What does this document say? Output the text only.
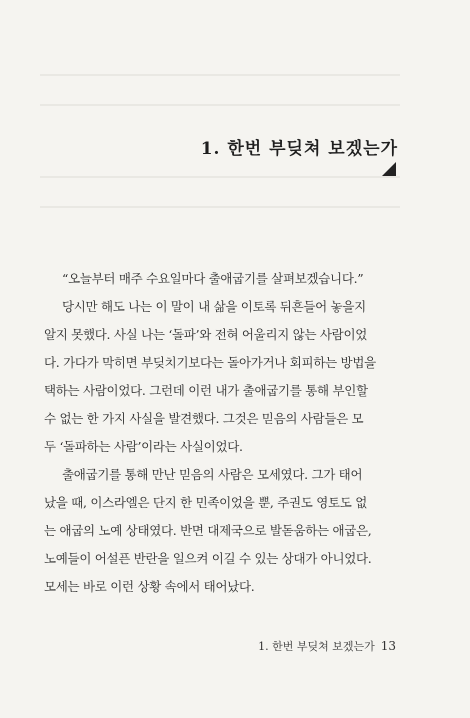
1. 한번 부딪쳐 보겠는가
“오늘부터 매주 수요일마다 출애굽기를 살펴보겠습니다.”
당시만 해도 나는 이 말이 내 삶을 이토록 뒤흔들어 놓을지
알지 못했다. 사실 나는 ‘돌파’와 전혀 어울리지 않는 사람이었
다. 가다가 막히면 부딪치기보다는 돌아가거나 회피하는 방법을
택하는 사람이었다. 그런데 이런 내가 출애굽기를 통해 부인할
수 없는 한 가지 사실을 발견했다. 그것은 믿음의 사람들은 모
두 ‘돌파하는 사람’이라는 사실이었다.
출애굽기를 통해 만난 믿음의 사람은 모세였다. 그가 태어
났을 때, 이스라엘은 단지 한 민족이었을 뿐, 주권도 영토도 없
는 애굽의 노예 상태였다. 반면 대제국으로 발돋움하는 애굽은,
노예들이 어설픈 반란을 일으켜 이길 수 있는 상대가 아니었다.
모세는 바로 이런 상황 속에서 태어났다.
1. 한번 부딪쳐 보겠는가 13
